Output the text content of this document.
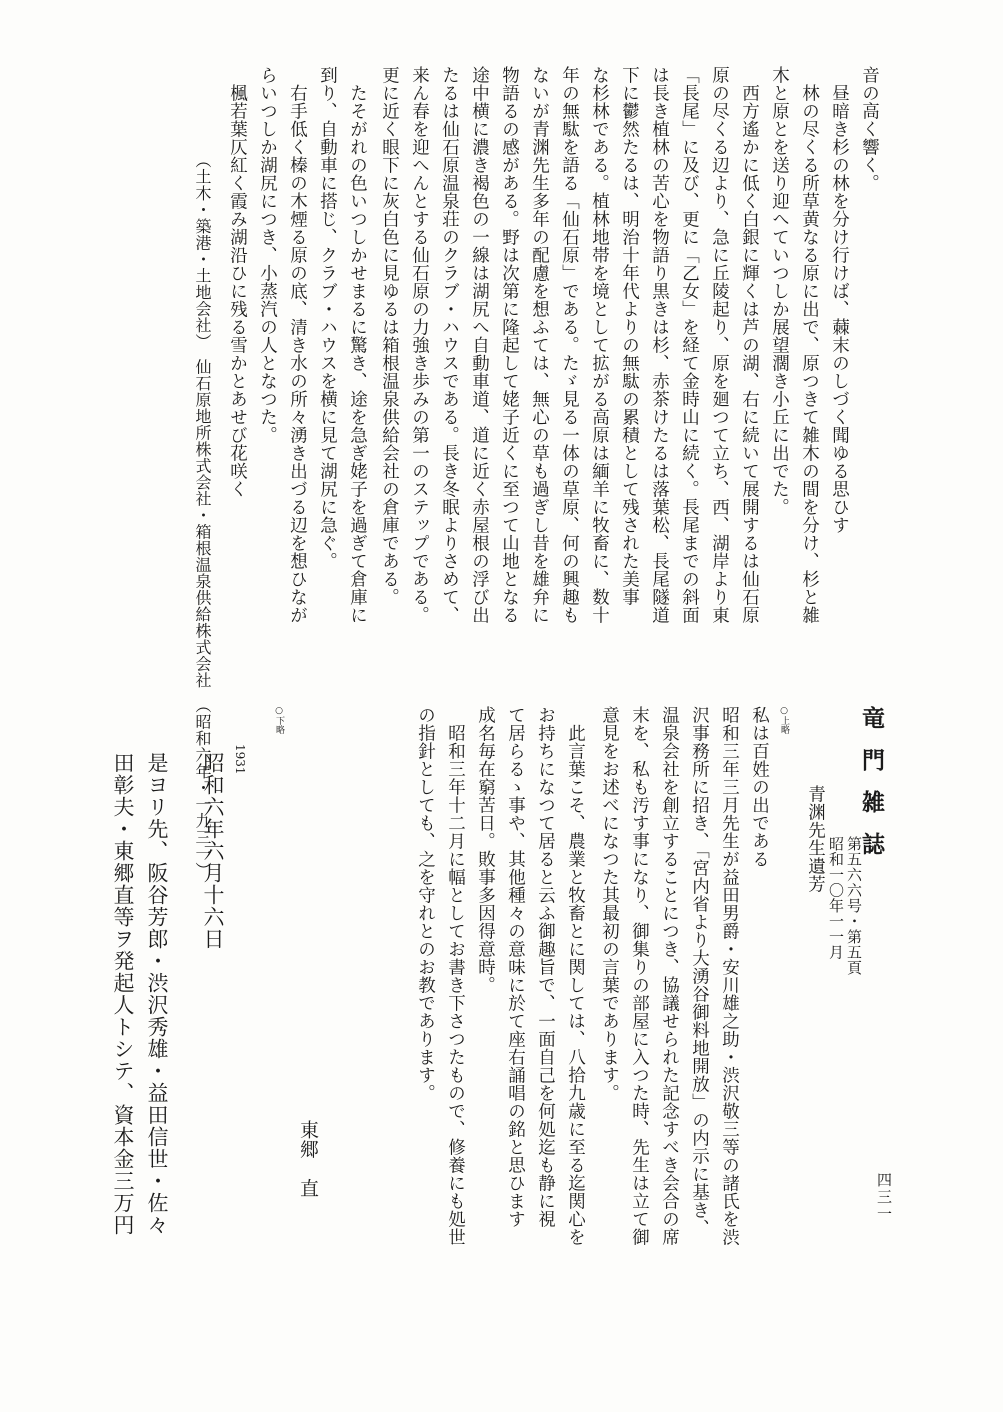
音の高く響く。
　昼暗き杉の林を分け行けば、蕀末のしづく聞ゆる思ひす
　林の尽くる所草黄なる原に出で、原つきて雑木の間を分け、杉と雑
木と原とを送り迎へていつしか展望濶き小丘に出でた。
　西方遙かに低く白銀に輝くは芦の湖、右に続いて展開するは仙石原
原の尽くる辺より、急に丘陵起り、原を廻つて立ち、西、湖岸より東
「長尾」に及び、更に「乙女」を経て金時山に続く。長尾までの斜面
は長き植林の苦心を物語り黒きは杉、赤茶けたるは落葉松、長尾隧道
下に鬱然たるは、明治十年代よりの無駄の累積として残された美事
な杉林である。植林地帯を境として拡がる高原は緬羊に牧畜に、数十
年の無駄を語る「仙石原」である。たゞ見る一体の草原、何の興趣も
ないが青渊先生多年の配慮を想ふては、無心の草も過ぎし昔を雄弁に
物語るの感がある。野は次第に隆起して姥子近くに至つて山地となる
途中横に濃き褐色の一線は湖尻へ自動車道、道に近く赤屋根の浮び出
たるは仙石原温泉荘のクラブ・ハウスである。長き冬眠よりさめて、
来ん春を迎へんとする仙石原の力強き歩みの第一のステップである。
更に近く眼下に灰白色に見ゆるは箱根温泉供給会社の倉庫である。
　たそがれの色いつしかせまるに驚き、途を急ぎ姥子を過ぎて倉庫に
到り、自動車に搭じ、クラブ・ハウスを横に見て湖尻に急ぐ。
　右手低く榛の木煙る原の底、清き水の所々湧き出づる辺を想ひなが
らいつしか湖尻につき、小蒸汽の人となつた。
　楓若葉仄紅く霞み湖沿ひに残る雪かとあせび花咲く
（土木・築港・土地会社）　仙石原地所株式会社・箱根温泉供給株式会社　（昭和六年・一九三一）	竜門雑誌
第五六六号・第五頁
昭和一〇年一一月
青渊先生遺芳
○上略
私は百姓の出である
昭和三年三月先生が益田男爵・安川雄之助・渋沢敬三等の諸氏を渋
沢事務所に招き、「宮内省より大湧谷御料地開放」の内示に基き、
温泉会社を創立することにつき、協議せられた記念すべき会合の席
末を、私も汚す事になり、御集りの部屋に入つた時、先生は立て御
意見をお述べになつた其最初の言葉であります。
　此言葉こそ、農業と牧畜とに関しては、八拾九歳に至る迄関心を
お持ちになつて居ると云ふ御趣旨で、一面自己を何処迄も静に視
て居らるゝ事や、其他種々の意味に於て座右誦唱の銘と思ひます
成名毎在窮苦日。敗事多因得意時。
　昭和三年十二月に幅としてお書き下さつたもので、修養にも処世
の指針としても、之を守れとのお教であります。
東郷　直
○下略
1931
昭和六年六月十六日
是ヨリ先、阪谷芳郎・渋沢秀雄・益田信世・佐々
田彰夫・東郷直等ヲ発起人トシテ、資本金三万円	四三一
